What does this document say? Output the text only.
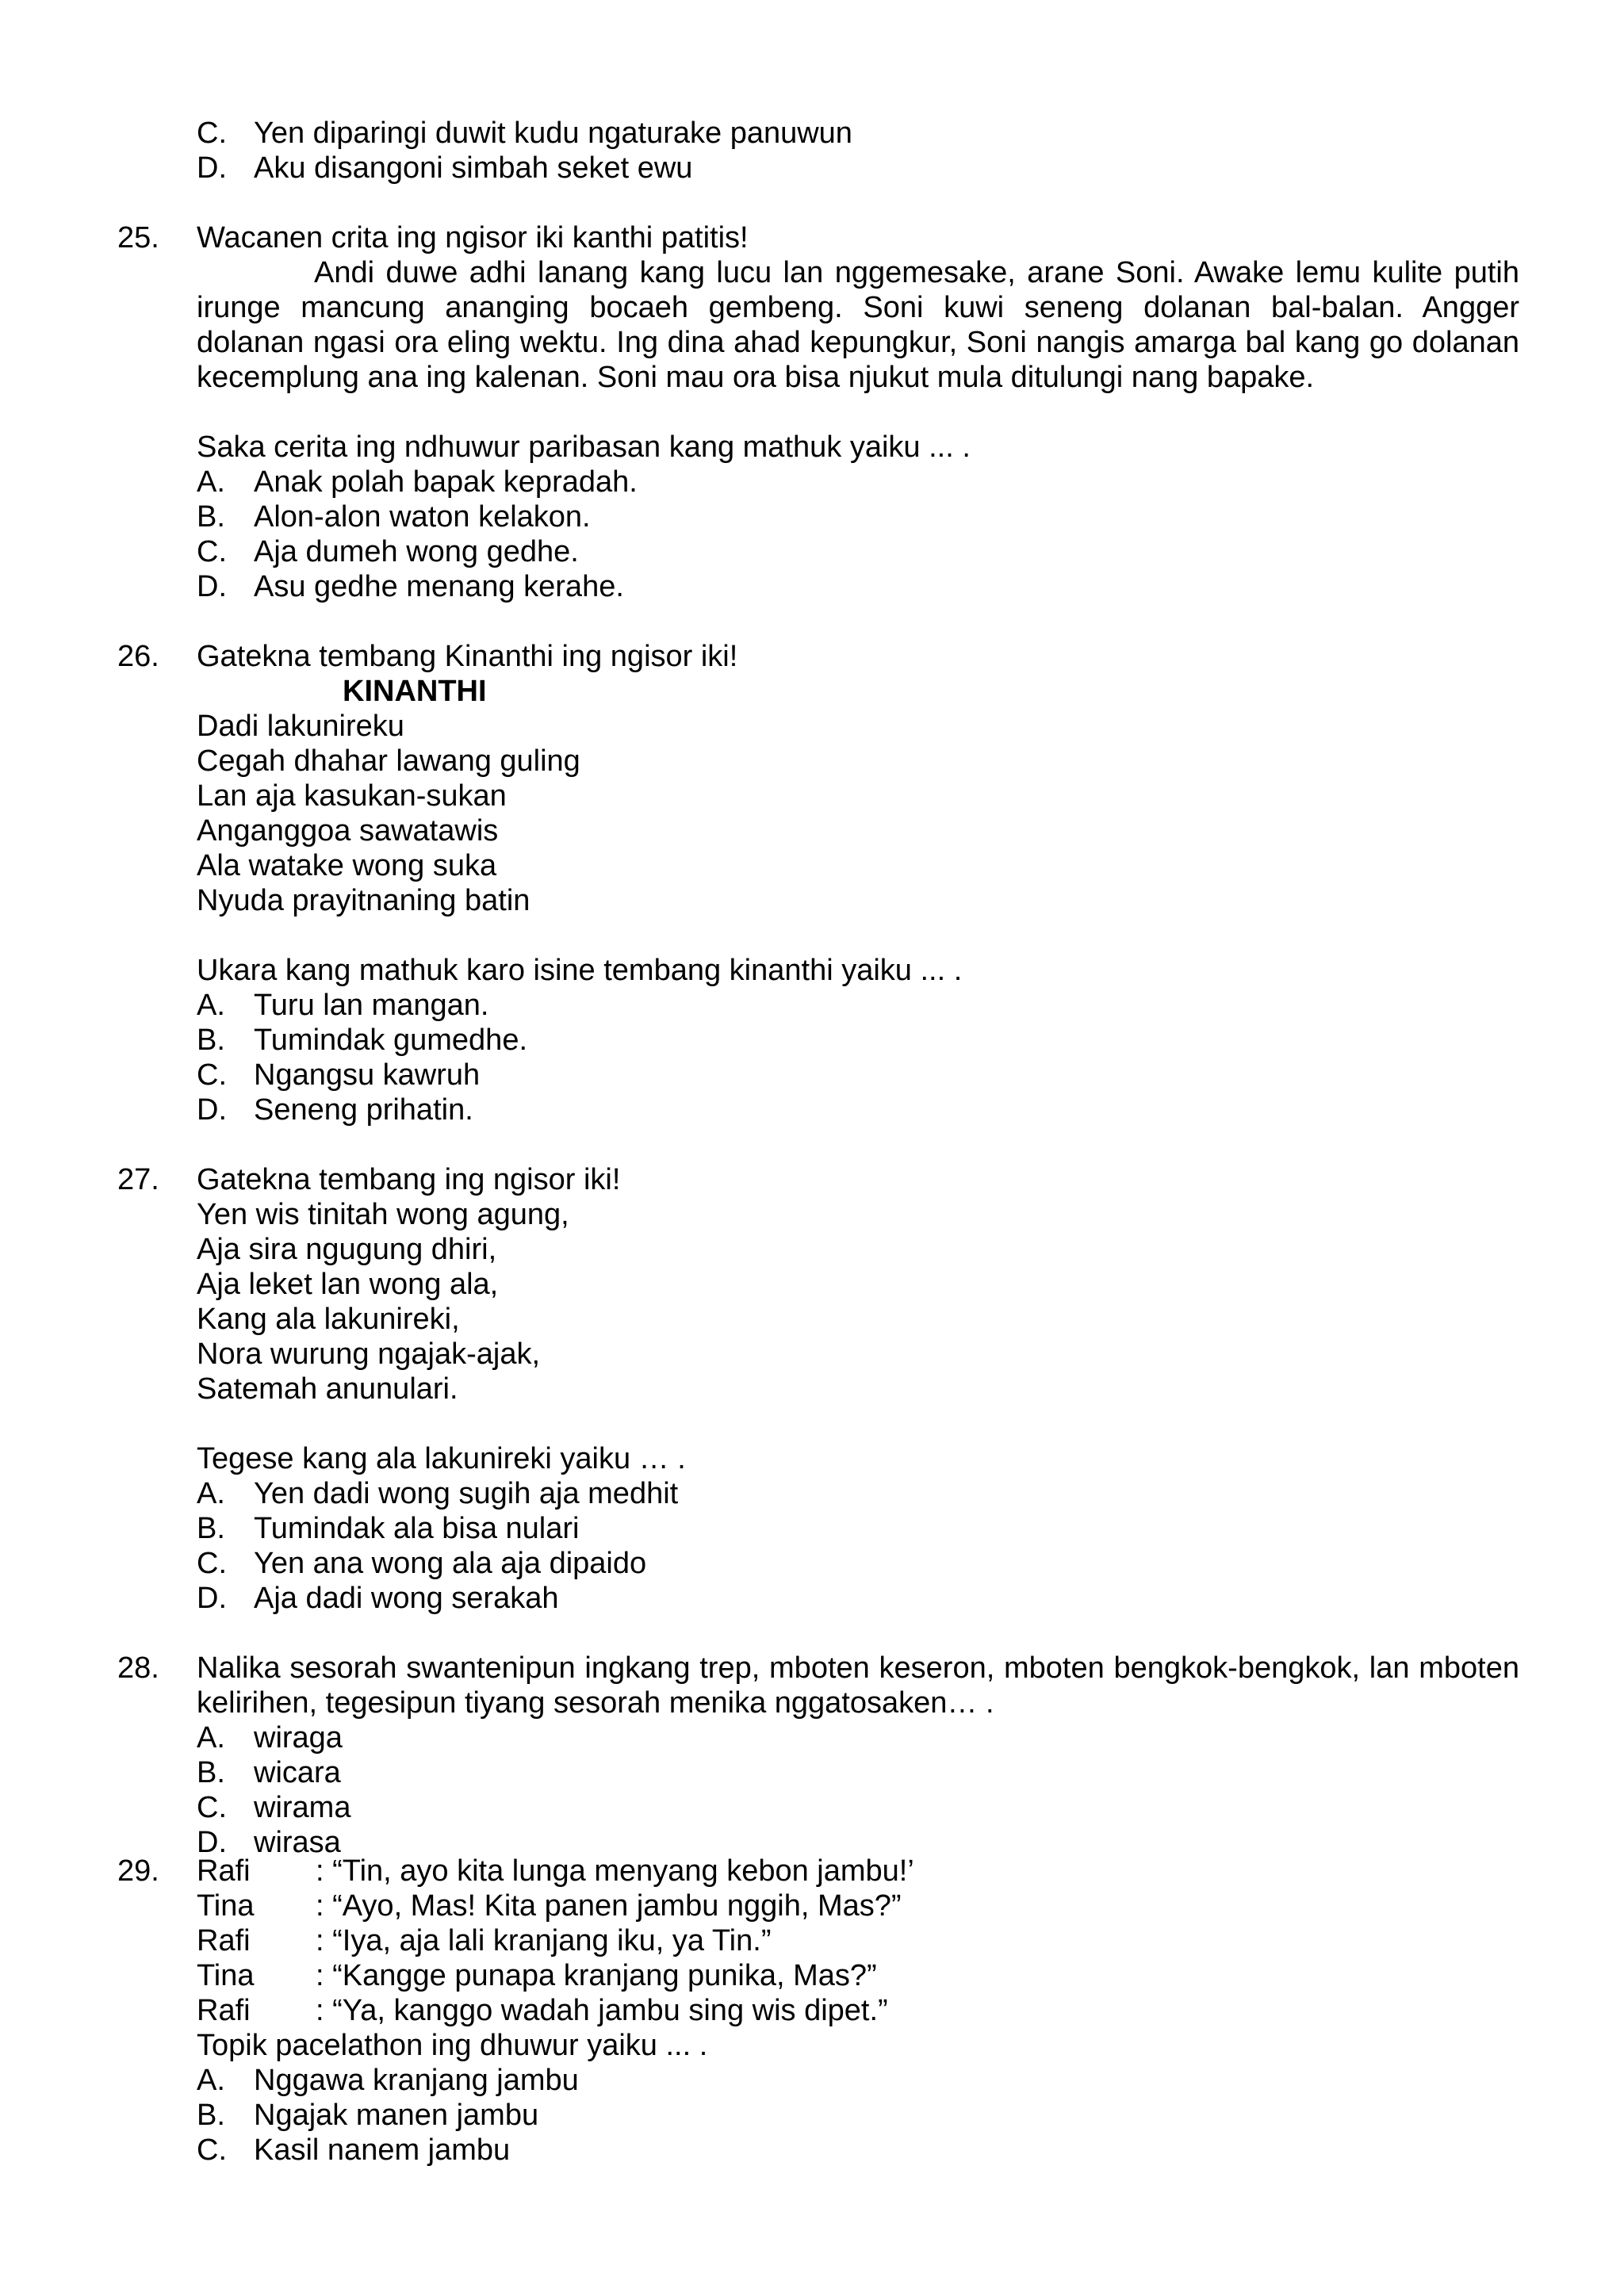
C. Yen diparingi duwit kudu ngaturake panuwun
D. Aku disangoni simbah seket ewu
25. Wacanen crita ing ngisor iki kanthi patitis!
Andi duwe adhi lanang kang lucu lan nggemesake, arane Soni. Awake lemu kulite putih
irunge mancung ananging bocaeh gembeng. Soni kuwi seneng dolanan bal-balan. Angger
dolanan ngasi ora eling wektu. Ing dina ahad kepungkur, Soni nangis amarga bal kang go dolanan
kecemplung ana ing kalenan. Soni mau ora bisa njukut mula ditulungi nang bapake.
Saka cerita ing ndhuwur paribasan kang mathuk yaiku ... .
A. Anak polah bapak kepradah.
B. Alon-alon waton kelakon.
C. Aja dumeh wong gedhe.
D. Asu gedhe menang kerahe.
26. Gatekna tembang Kinanthi ing ngisor iki!
KINANTHI
Dadi lakunireku
Cegah dhahar lawang guling
Lan aja kasukan-sukan
Anganggoa sawatawis
Ala watake wong suka
Nyuda prayitnaning batin
Ukara kang mathuk karo isine tembang kinanthi yaiku ... .
A. Turu lan mangan.
B. Tumindak gumedhe.
C. Ngangsu kawruh
D. Seneng prihatin.
27. Gatekna tembang ing ngisor iki!
Yen wis tinitah wong agung,
Aja sira ngugung dhiri,
Aja leket lan wong ala,
Kang ala lakunireki,
Nora wurung ngajak-ajak,
Satemah anunulari.
Tegese kang ala lakunireki yaiku … .
A. Yen dadi wong sugih aja medhit
B. Tumindak ala bisa nulari
C. Yen ana wong ala aja dipaido
D. Aja dadi wong serakah
28. Nalika sesorah swantenipun ingkang trep, mboten keseron, mboten bengkok-bengkok, lan mboten
kelirihen, tegesipun tiyang sesorah menika nggatosaken… .
A. wiraga
B. wicara
C. wirama
D. wirasa
29. Rafi : “Tin, ayo kita lunga menyang kebon jambu!’
Tina : “Ayo, Mas! Kita panen jambu nggih, Mas?”
Rafi : “Iya, aja lali kranjang iku, ya Tin.”
Tina : “Kangge punapa kranjang punika, Mas?”
Rafi : “Ya, kanggo wadah jambu sing wis dipet.”
Topik pacelathon ing dhuwur yaiku ... .
A. Nggawa kranjang jambu
B. Ngajak manen jambu
C. Kasil nanem jambu
